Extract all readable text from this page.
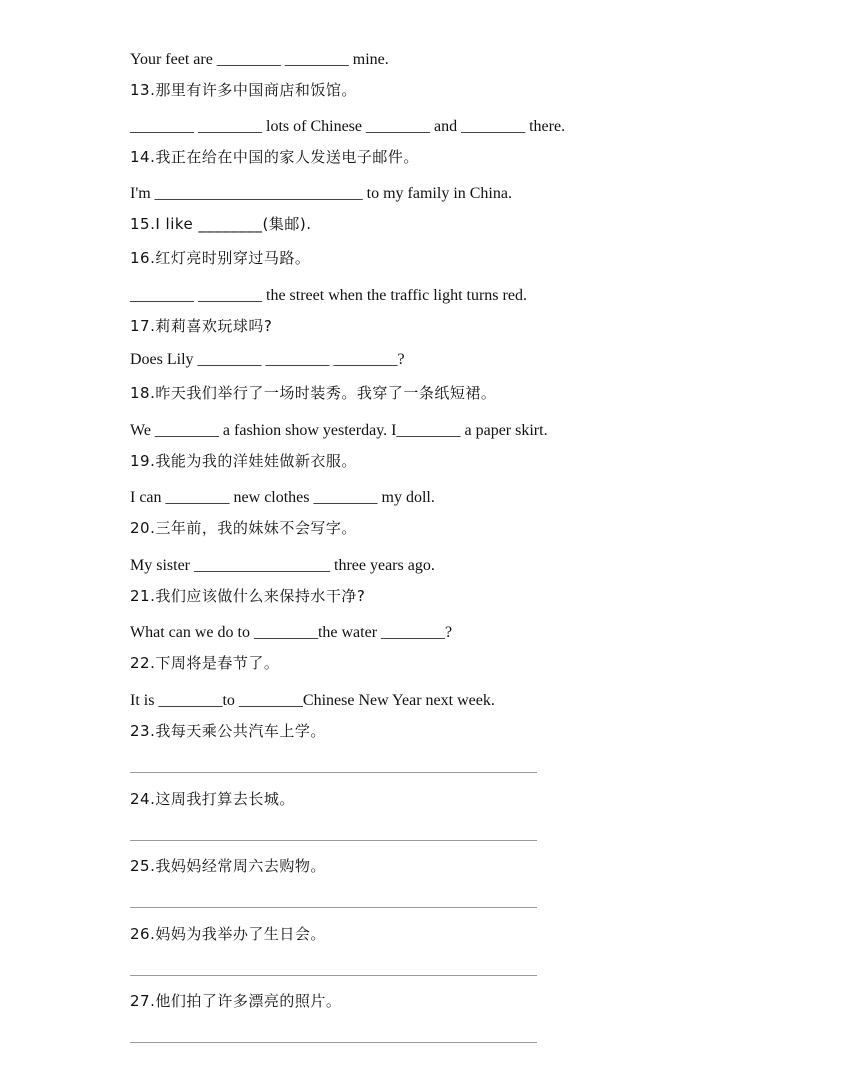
Your feet are ________ ________ mine.
13.那里有许多中国商店和饭馆。
________ ________ lots of Chinese ________ and ________ there.
14.我正在给在中国的家人发送电子邮件。
I'm __________________________ to my family in China.
15.I like ________(集邮).
16.红灯亮时别穿过马路。
________ ________ the street when the traffic light turns red.
17.莉莉喜欢玩球吗?
Does Lily ________ ________ ________?
18.昨天我们举行了一场时装秀。我穿了一条纸短裙。
We ________ a fashion show yesterday. I________ a paper skirt.
19.我能为我的洋娃娃做新衣服。
I can ________ new clothes ________ my doll.
20.三年前，我的妹妹不会写字。
My sister _________________ three years ago.
21.我们应该做什么来保持水干净?
What can we do to ________the water ________?
22.下周将是春节了。
It is ________to ________Chinese New Year next week.
23.我每天乘公共汽车上学。
24.这周我打算去长城。
25.我妈妈经常周六去购物。
26.妈妈为我举办了生日会。
27.他们拍了许多漂亮的照片。
